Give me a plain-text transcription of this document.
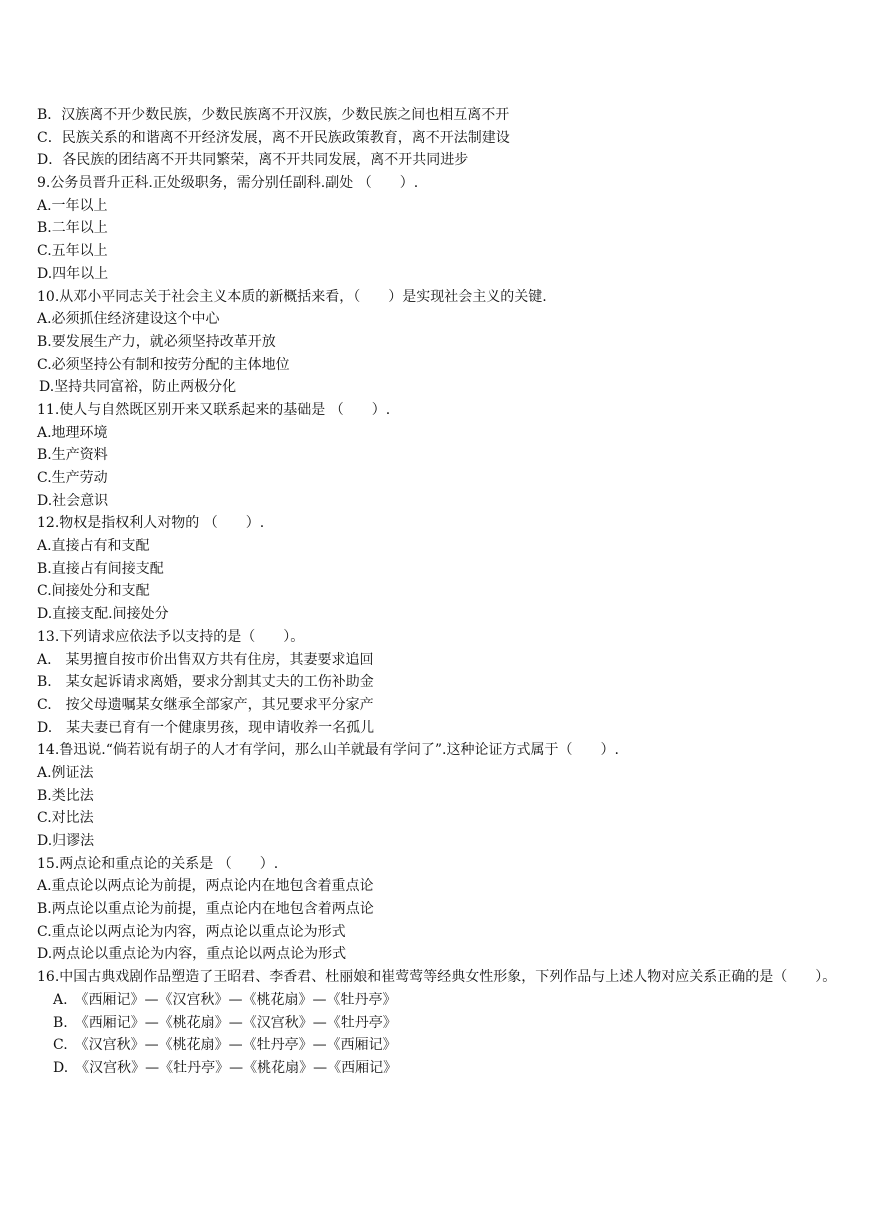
B．汉族离不开少数民族，少数民族离不开汉族，少数民族之间也相互离不开
C．民族关系的和谐离不开经济发展，离不开民族政策教育，离不开法制建设
D．各民族的团结离不开共同繁荣，离不开共同发展，离不开共同进步
9.公务员晋升正科.正处级职务，需分别任副科.副处 （　　）.
A.一年以上
B.二年以上
C.五年以上
D.四年以上
10.从邓小平同志关于社会主义本质的新概括来看，（　　）是实现社会主义的关键.
A.必须抓住经济建设这个中心
B.要发展生产力，就必须坚持改革开放
C.必须坚持公有制和按劳分配的主体地位
D.坚持共同富裕，防止两极分化
11.使人与自然既区别开来又联系起来的基础是 （　　）.
A.地理环境
B.生产资料
C.生产劳动
D.社会意识
12.物权是指权利人对物的 （　　）.
A.直接占有和支配
B.直接占有间接支配
C.间接处分和支配
D.直接支配.间接处分
13.下列请求应依法予以支持的是（　　）。
A.　某男擅自按市价出售双方共有住房，其妻要求追回
B.　某女起诉请求离婚，要求分割其丈夫的工伤补助金
C.　按父母遗嘱某女继承全部家产，其兄要求平分家产
D.　某夫妻已育有一个健康男孩，现申请收养一名孤儿
14.鲁迅说.“倘若说有胡子的人才有学问，那么山羊就最有学问了”.这种论证方式属于（　　）.
A.例证法
B.类比法
C.对比法
D.归谬法
15.两点论和重点论的关系是 （　　）.
A.重点论以两点论为前提，两点论内在地包含着重点论
B.两点论以重点论为前提，重点论内在地包含着两点论
C.重点论以两点论为内容，两点论以重点论为形式
D.两点论以重点论为内容，重点论以两点论为形式
16.中国古典戏剧作品塑造了王昭君、李香君、杜丽娘和崔莺莺等经典女性形象，下列作品与上述人物对应关系正确的是（　　）。
A.　《西厢记》—《汉宫秋》—《桃花扇》—《牡丹亭》
B.　《西厢记》—《桃花扇》—《汉宫秋》—《牡丹亭》
C.　《汉宫秋》—《桃花扇》—《牡丹亭》—《西厢记》
D.　《汉宫秋》—《牡丹亭》—《桃花扇》—《西厢记》
